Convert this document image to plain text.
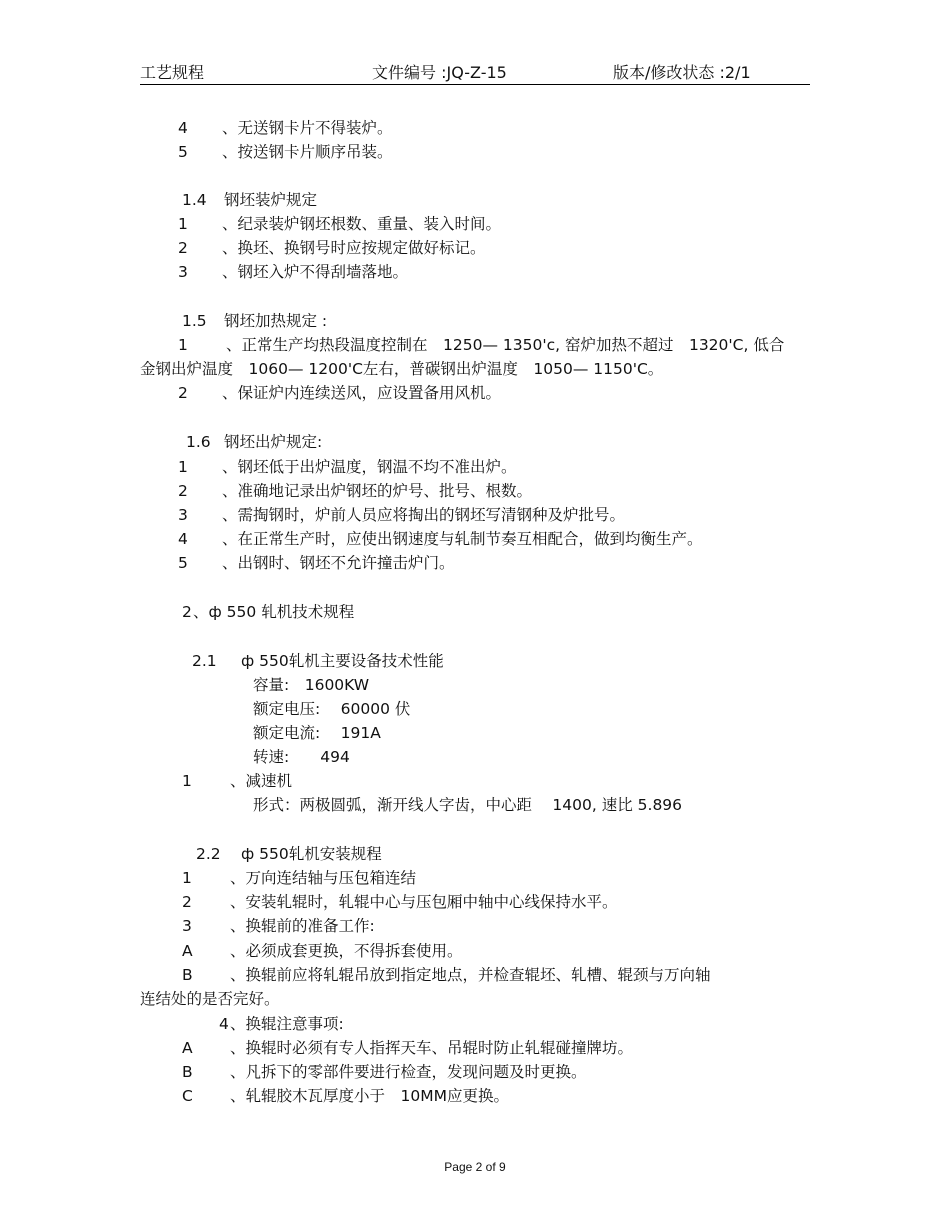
工艺规程	文件编号 :JQ-Z-15	版本/修改状态 :2/1
4 、无送钢卡片不得装炉。
5 、按送钢卡片顺序吊装。
1.4 钢坯装炉规定
1 、纪录装炉钢坯根数、重量、装入时间。
2 、换坯、换钢号时应按规定做好标记。
3 、钢坯入炉不得刮墙落地。
1.5 钢坯加热规定 :
1 、正常生产均热段温度控制在　1250— 1350'c, 窑炉加热不超过　1320'C, 低合
金钢出炉温度　1060— 1200'C左右，普碳钢出炉温度　1050— 1150'C。
2 、保证炉内连续送风，应设置备用风机。
1.6 钢坯出炉规定:
1 、钢坯低于出炉温度，钢温不均不准出炉。
2 、准确地记录出炉钢坯的炉号、批号、根数。
3 、需掏钢时，炉前人员应将掏出的钢坯写清钢种及炉批号。
4 、在正常生产时，应使出钢速度与轧制节奏互相配合，做到均衡生产。
5 、出钢时、钢坯不允许撞击炉门。
2 、ф 550 轧机技术规程
2.1 ф 550轧机主要设备技术性能
容量:　1600KW
额定电压:　 60000 伏
额定电流:　 191A
转速:　　494
1 、减速机
形式：两极圆弧，渐开线人字齿，中心距　 1400, 速比 5.896
2.2 ф 550轧机安装规程
1 、万向连结轴与压包箱连结
2 、安装轧辊时，轧辊中心与压包厢中轴中心线保持水平。
3 、换辊前的准备工作:
A 、必须成套更换，不得拆套使用。
B 、换辊前应将轧辊吊放到指定地点，并检查辊坯、轧槽、辊颈与万向轴
连结处的是否完好。
4 、换辊注意事项:
A 、换辊时必须有专人指挥天车、吊辊时防止轧辊碰撞牌坊。
B 、凡拆下的零部件要进行检查，发现问题及时更换。
C 、轧辊胶木瓦厚度小于　10MM应更换。
Page 2 of 9
